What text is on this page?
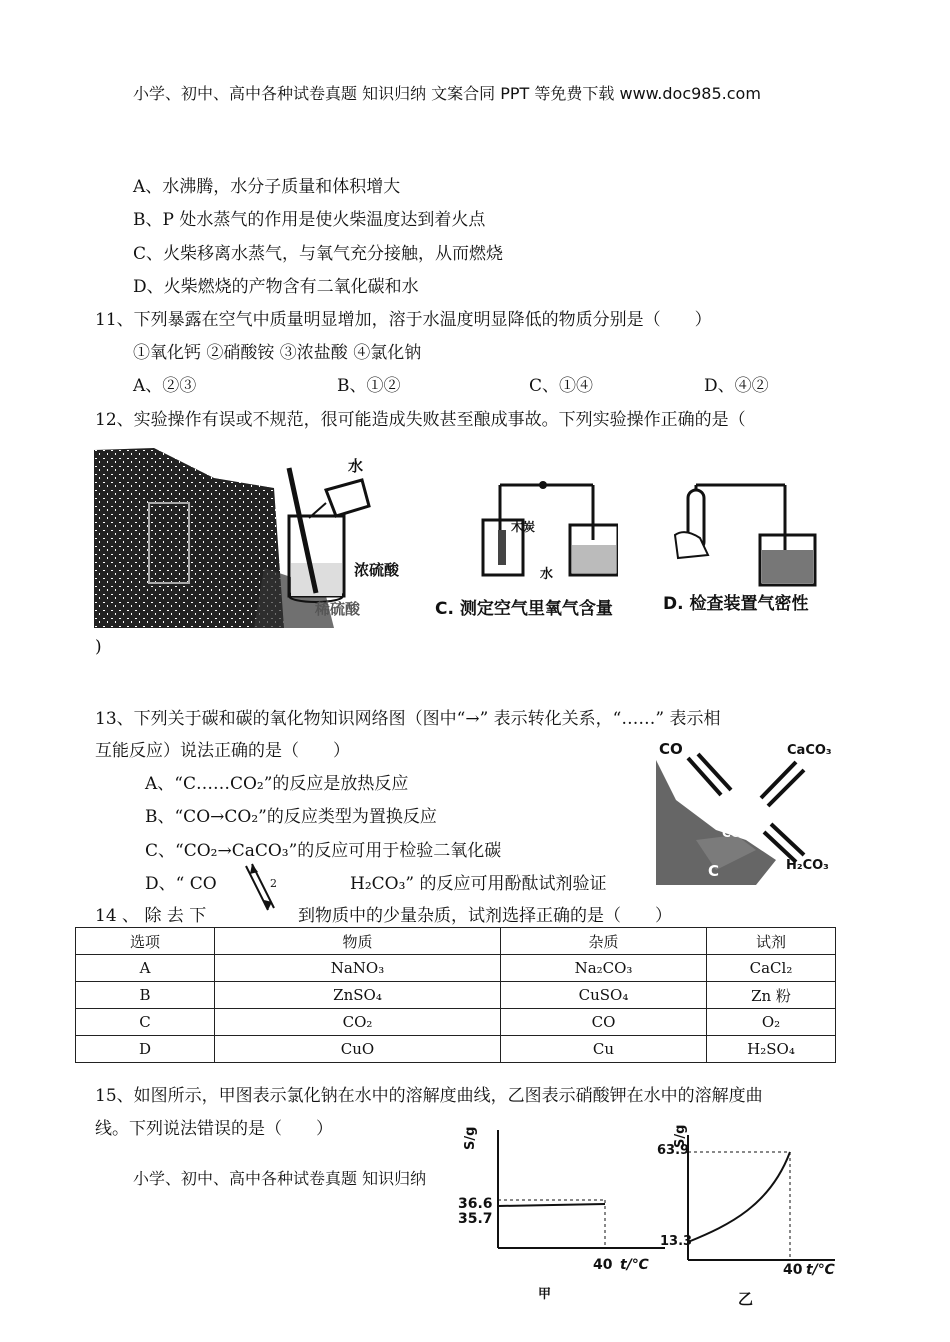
小学、初中、高中各种试卷真题 知识归纳 文案合同 PPT 等免费下载 www.doc985.com
A、水沸腾，水分子质量和体积增大
B、P 处水蒸气的作用是使火柴温度达到着火点
C、火柴移离水蒸气，与氧气充分接触，从而燃烧
D、火柴燃烧的产物含有二氧化碳和水
11、下列暴露在空气中质量明显增加，溶于水温度明显降低的物质分别是（　　）
①氧化钙 ②硝酸铵 ③浓盐酸 ④氯化钠
A、②③	B、①②	C、①④	D、④②
12、实验操作有误或不规范，很可能造成失败甚至酿成事故。下列实验操作正确的是（
水
浓硫酸
稀硫酸
木炭
水
C. 测定空气里氧气含量	D. 检查装置气密性
)
13、下列关于碳和碳的氧化物知识网络图（图中“→” 表示转化关系，“……” 表示相
互能反应）说法正确的是（　　）
A、“C……CO₂”的反应是放热反应
B、“CO→CO₂”的反应类型为置换反应
C、“CO₂→CaCO₃”的反应可用于检验二氧化碳
D、“ CO	2	H₂CO₃” 的反应可用酚酞试剂验证
CO	CaCO₃
CO₂
C	H₂CO₃
14 、 除 去 下	到物质中的少量杂质，试剂选择正确的是（　　）
选项	物质	杂质	试剂
A	NaNO₃	Na₂CO₃	CaCl₂
B	ZnSO₄	CuSO₄	Zn 粉
C	CO₂	CO	O₂
D	CuO	Cu	H₂SO₄
15、如图所示，甲图表示氯化钠在水中的溶解度曲线，乙图表示硝酸钾在水中的溶解度曲
线。下列说法错误的是（　　）
小学、初中、高中各种试卷真题 知识归纳
S/g
36.6
35.7
40 t/℃
甲
S/g
63.9
13.3
40 t/℃
乙
